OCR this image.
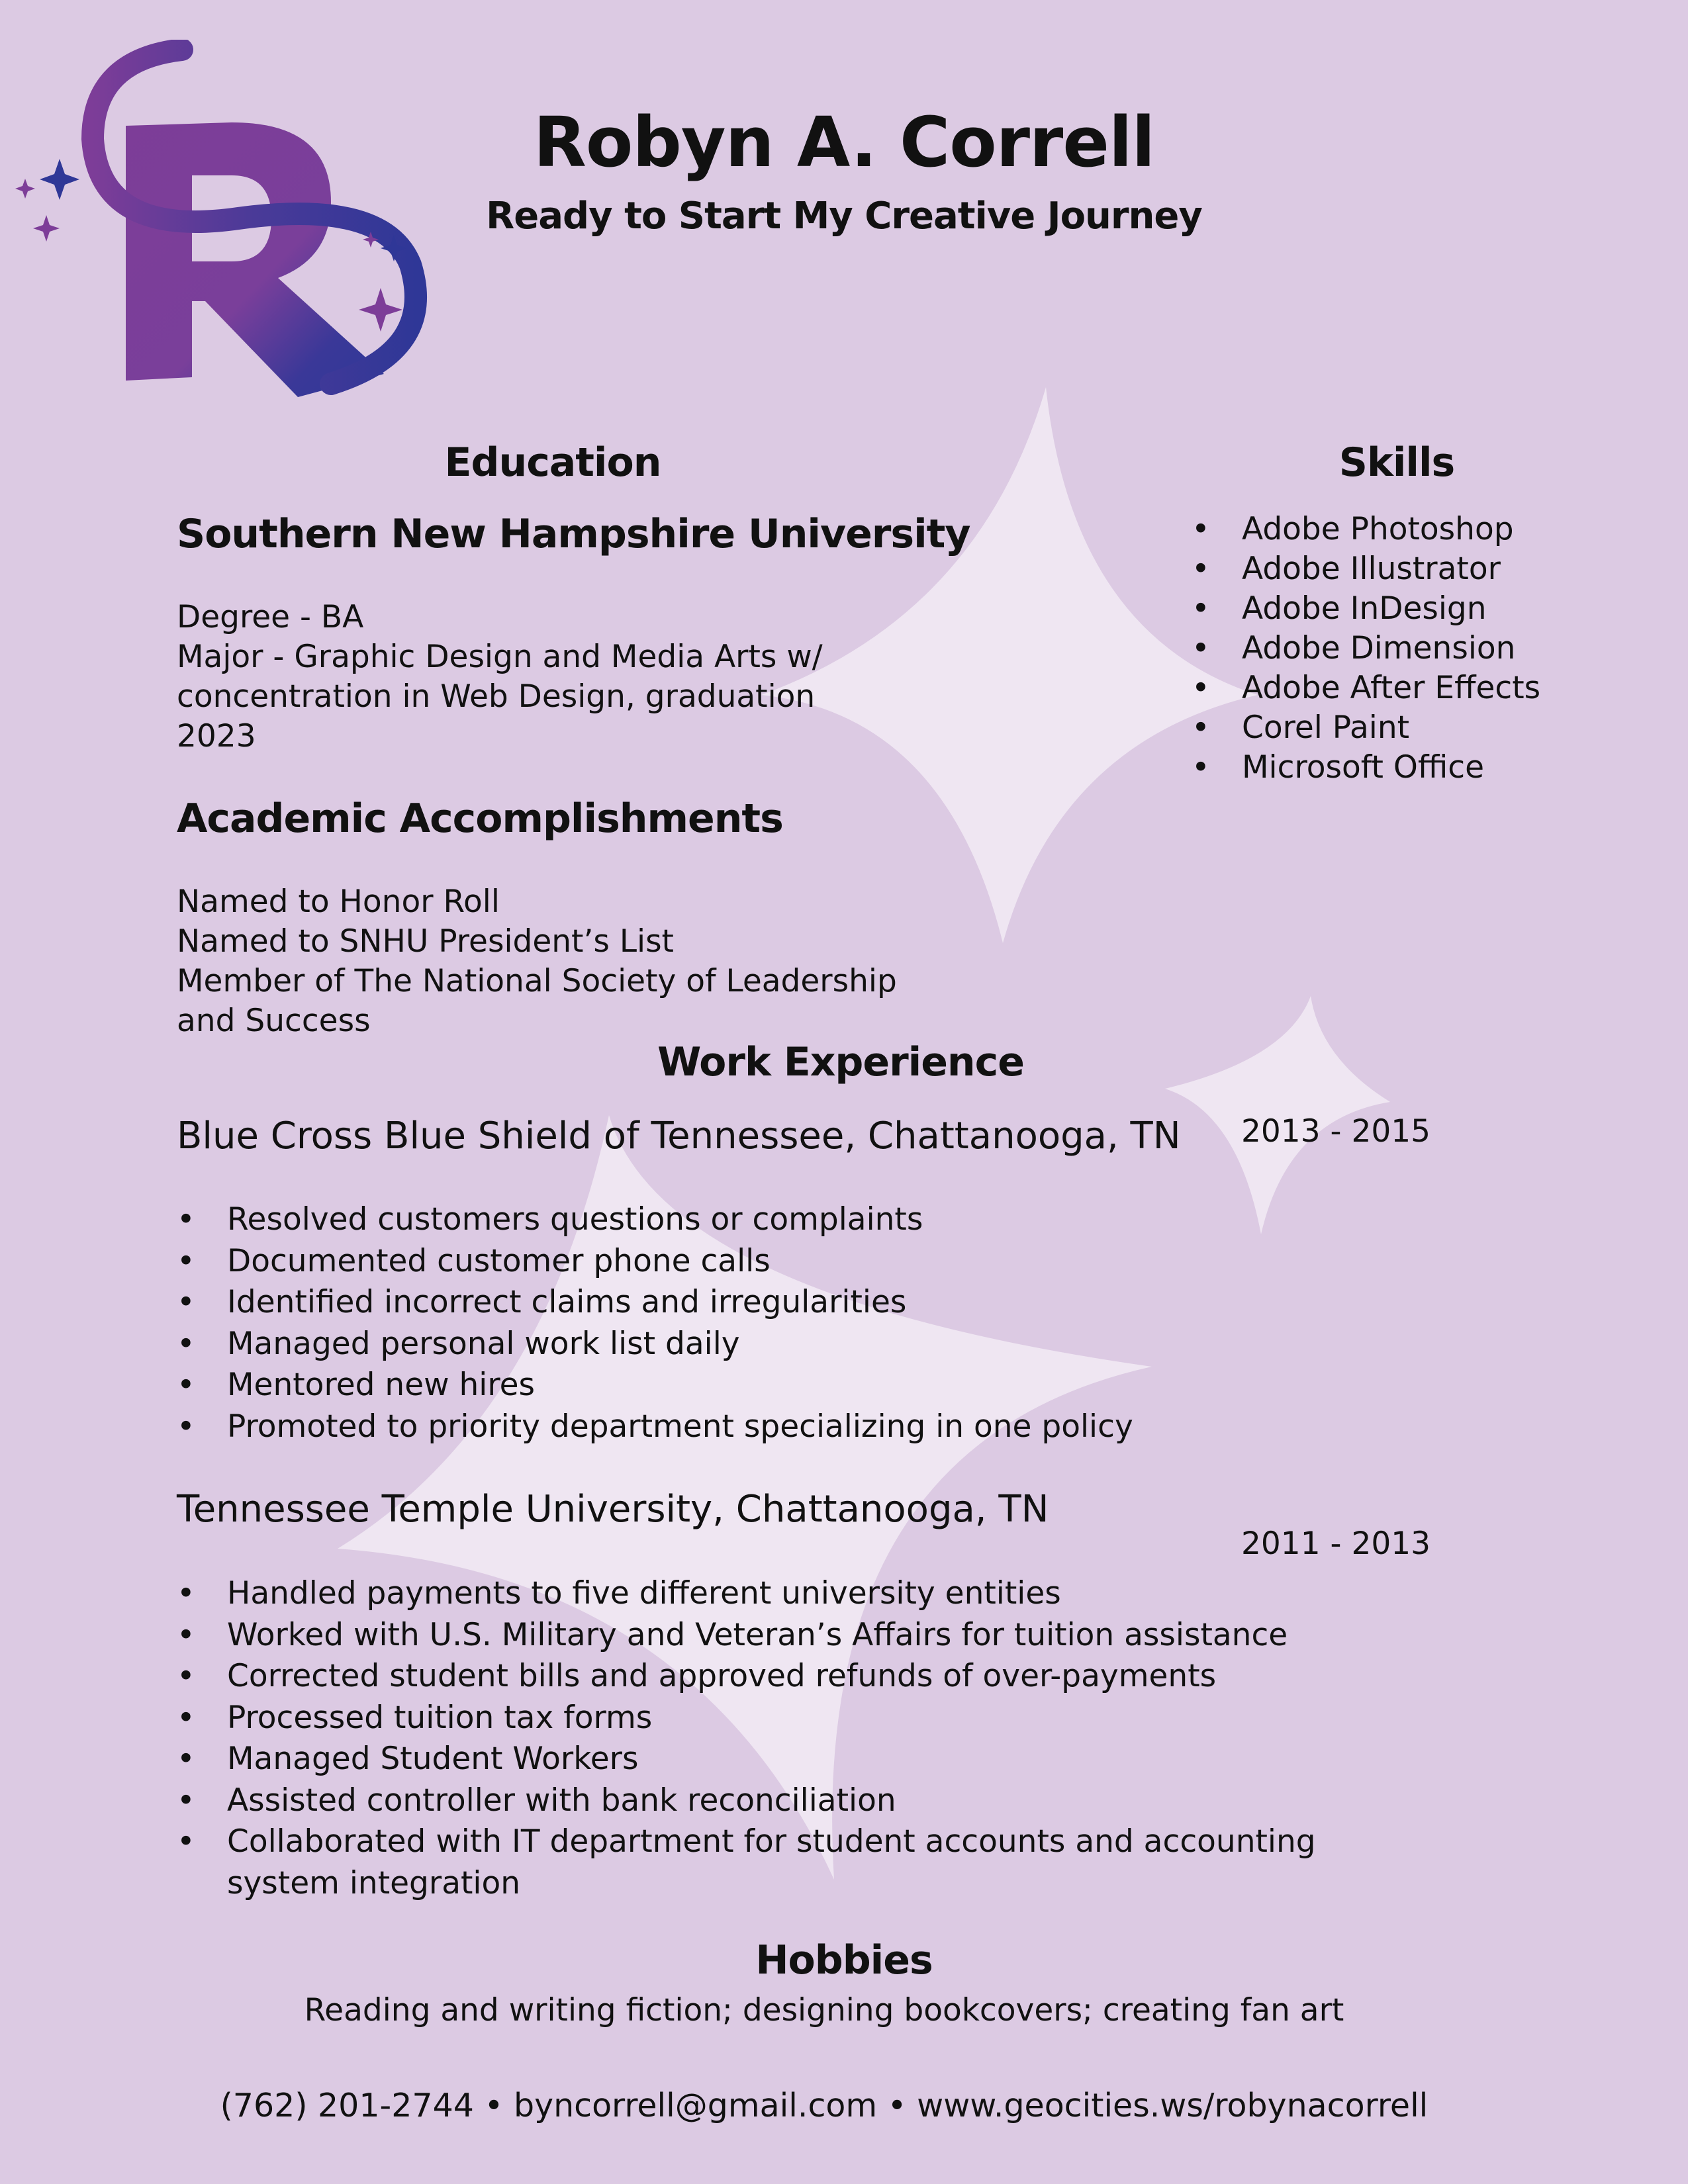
Robyn A. Correll
Ready to Start My Creative Journey
Education
Southern New Hampshire University

Degree - BA

Major - Graphic Design and Media Arts w/

concentration in Web Design, graduation

2023

Academic Accomplishments

Named to Honor Roll

Named to SNHU President’s List

Member of The National Society of Leadership

and Success

Skills
• Adobe Photoshop
• Adobe Illustrator
• Adobe InDesign
• Adobe Dimension
• Adobe After Effects
• Corel Paint
• Microsoft Office
Work Experience
Blue Cross Blue Shield of Tennessee, Chattanooga, TN 2013 - 2015
• Resolved customers questions or complaints
• Documented customer phone calls
• Identified incorrect claims and irregularities
• Managed personal work list daily
• Mentored new hires
• Promoted to priority department specializing in one policy
Tennessee Temple University, Chattanooga, TN
2011 - 2013
• Handled payments to five different university entities
• Worked with U.S. Military and Veteran’s Affairs for tuition assistance
• Corrected student bills and approved refunds of over-payments
• Processed tuition tax forms
• Managed Student Workers
• Assisted controller with bank reconciliation
• Collaborated with IT department for student accounts and accounting
system integration
Hobbies
Reading and writing fiction; designing bookcovers; creating fan art
(762) 201-2744 • byncorrell@gmail.com • www.geocities.ws/robynacorrell
